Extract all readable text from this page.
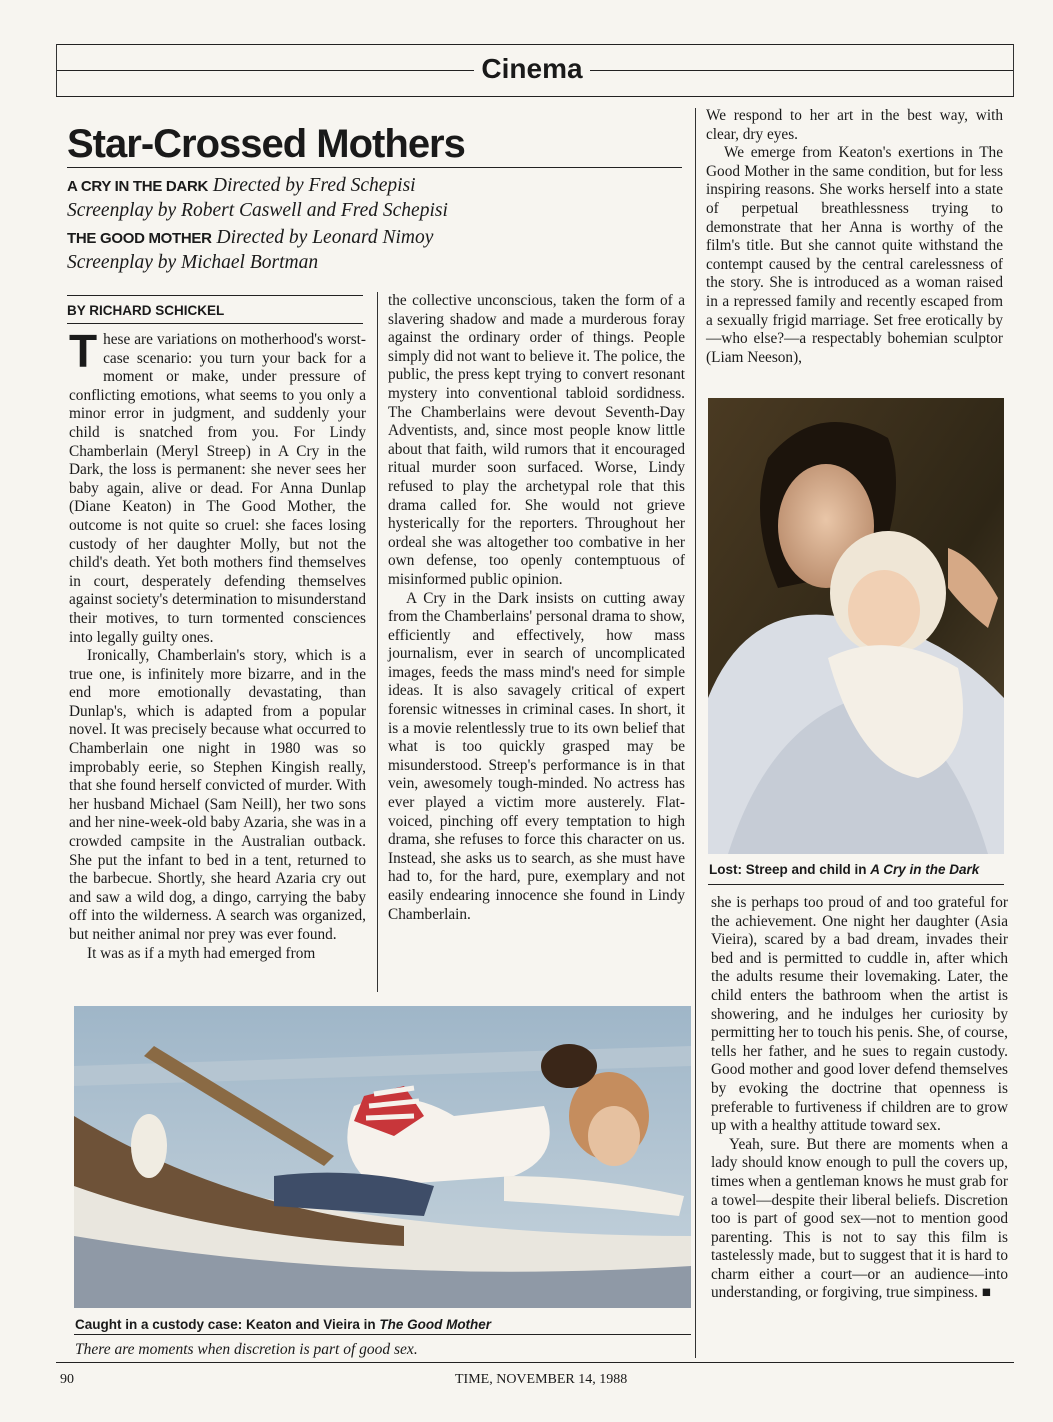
Cinema
Star-Crossed Mothers
A CRY IN THE DARK Directed by Fred Schepisi
Screenplay by Robert Caswell and Fred Schepisi
THE GOOD MOTHER Directed by Leonard Nimoy
Screenplay by Michael Bortman
BY RICHARD SCHICKEL

These are variations on motherhood's worst-case scenario: you turn your back for a moment or make, under pressure of conflicting emotions, what seems to you only a minor error in judgment, and suddenly your child is snatched from you. For Lindy Chamberlain (Meryl Streep) in A Cry in the Dark, the loss is permanent: she never sees her baby again, alive or dead. For Anna Dunlap (Diane Keaton) in The Good Mother, the outcome is not quite so cruel: she faces losing custody of her daughter Molly, but not the child's death. Yet both mothers find themselves in court, desperately defending themselves against society's determination to misunderstand their motives, to turn tormented consciences into legally guilty ones.

Ironically, Chamberlain's story, which is a true one, is infinitely more bizarre, and in the end more emotionally devastating, than Dunlap's, which is adapted from a popular novel. It was precisely because what occurred to Chamberlain one night in 1980 was so improbably eerie, so Stephen Kingish really, that she found herself convicted of murder. With her husband Michael (Sam Neill), her two sons and her nine-week-old baby Azaria, she was in a crowded campsite in the Australian outback. She put the infant to bed in a tent, returned to the barbecue. Shortly, she heard Azaria cry out and saw a wild dog, a dingo, carrying the baby off into the wilderness. A search was organized, but neither animal nor prey was ever found.

It was as if a myth had emerged from

the collective unconscious, taken the form of a slavering shadow and made a murderous foray against the ordinary order of things. People simply did not want to believe it. The police, the public, the press kept trying to convert resonant mystery into conventional tabloid sordidness. The Chamberlains were devout Seventh-Day Adventists, and, since most people know little about that faith, wild rumors that it encouraged ritual murder soon surfaced. Worse, Lindy refused to play the archetypal role that this drama called for. She would not grieve hysterically for the reporters. Throughout her ordeal she was altogether too combative in her own defense, too openly contemptuous of misinformed public opinion.

A Cry in the Dark insists on cutting away from the Chamberlains' personal drama to show, efficiently and effectively, how mass journalism, ever in search of uncomplicated images, feeds the mass mind's need for simple ideas. It is also savagely critical of expert forensic witnesses in criminal cases. In short, it is a movie relentlessly true to its own belief that what is too quickly grasped may be misunderstood. Streep's performance is in that vein, awesomely tough-minded. No actress has ever played a victim more austerely. Flat-voiced, pinching off every temptation to high drama, she refuses to force this character on us. Instead, she asks us to search, as she must have had to, for the hard, pure, exemplary and not easily endearing innocence she found in Lindy Chamberlain.

We respond to her art in the best way, with clear, dry eyes.

We emerge from Keaton's exertions in The Good Mother in the same condition, but for less inspiring reasons. She works herself into a state of perpetual breathlessness trying to demonstrate that her Anna is worthy of the film's title. But she cannot quite withstand the contempt caused by the central carelessness of the story. She is introduced as a woman raised in a repressed family and recently escaped from a sexually frigid marriage. Set free erotically by—who else?—a respectably bohemian sculptor (Liam Neeson),

Lost: Streep and child in A Cry in the Dark

she is perhaps too proud of and too grateful for the achievement. One night her daughter (Asia Vieira), scared by a bad dream, invades their bed and is permitted to cuddle in, after which the adults resume their lovemaking. Later, the child enters the bathroom when the artist is showering, and he indulges her curiosity by permitting her to touch his penis. She, of course, tells her father, and he sues to regain custody. Good mother and good lover defend themselves by evoking the doctrine that openness is preferable to furtiveness if children are to grow up with a healthy attitude toward sex.

Yeah, sure. But there are moments when a lady should know enough to pull the covers up, times when a gentleman knows he must grab for a towel—despite their liberal beliefs. Discretion too is part of good sex—not to mention good parenting. This is not to say this film is tastelessly made, but to suggest that it is hard to charm either a court—or an audience—into understanding, or forgiving, true simpiness. ■

Caught in a custody case: Keaton and Vieira in The Good Mother
There are moments when discretion is part of good sex.
90	TIME, NOVEMBER 14, 1988
